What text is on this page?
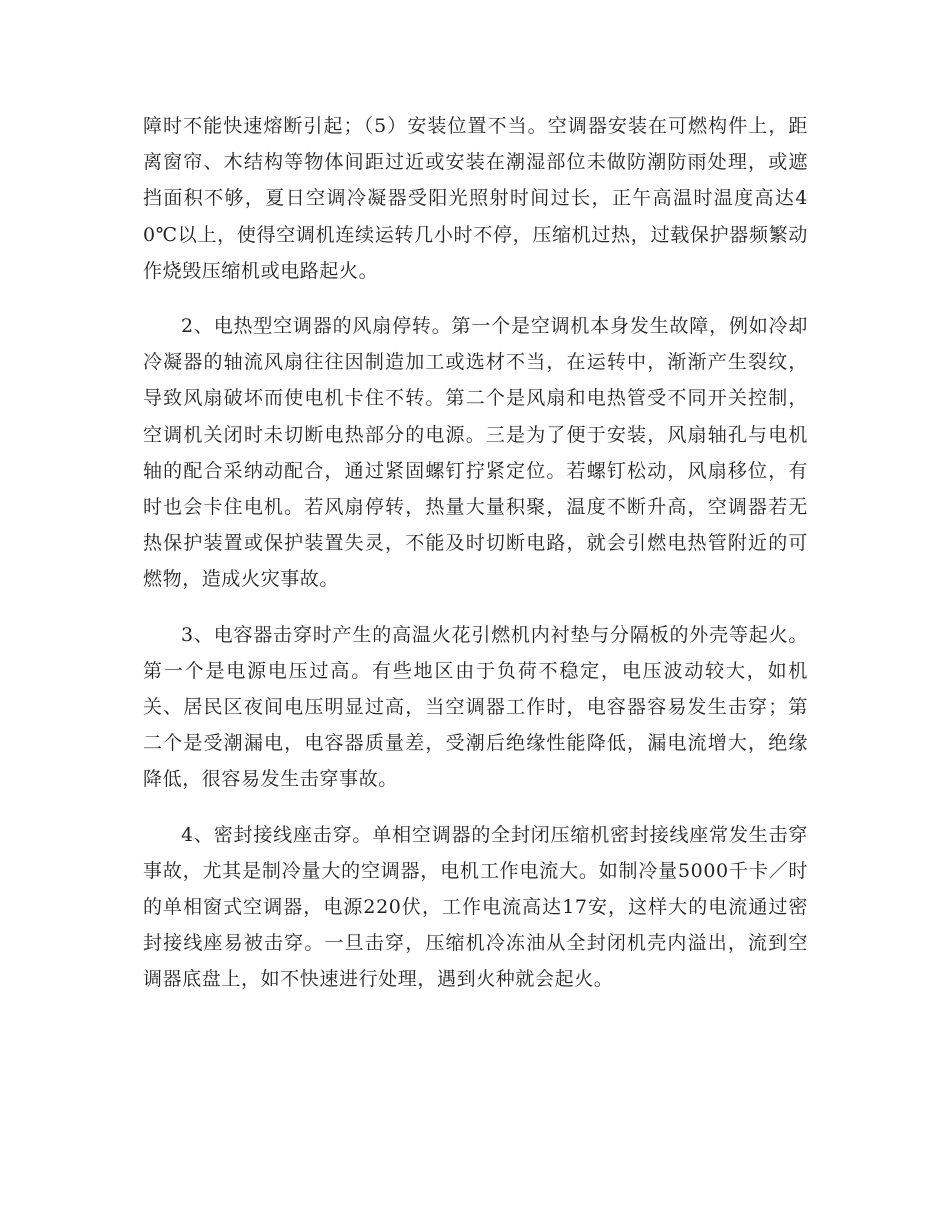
障时不能快速熔断引起；（5）安装位置不当。空调器安装在可燃构件上，距离窗帘、木结构等物体间距过近或安装在潮湿部位未做防潮防雨处理，或遮挡面积不够，夏日空调冷凝器受阳光照射时间过长，正午高温时温度高达40℃以上，使得空调机连续运转几小时不停，压缩机过热，过载保护器频繁动作烧毁压缩机或电路起火。

2、电热型空调器的风扇停转。第一个是空调机本身发生故障，例如冷却冷凝器的轴流风扇往往因制造加工或选材不当，在运转中，渐渐产生裂纹，导致风扇破坏而使电机卡住不转。第二个是风扇和电热管受不同开关控制，空调机关闭时未切断电热部分的电源。三是为了便于安装，风扇轴孔与电机轴的配合采纳动配合，通过紧固螺钉拧紧定位。若螺钉松动，风扇移位，有时也会卡住电机。若风扇停转，热量大量积聚，温度不断升高，空调器若无热保护装置或保护装置失灵，不能及时切断电路，就会引燃电热管附近的可燃物，造成火灾事故。

3、电容器击穿时产生的高温火花引燃机内衬垫与分隔板的外壳等起火。第一个是电源电压过高。有些地区由于负荷不稳定，电压波动较大，如机关、居民区夜间电压明显过高，当空调器工作时，电容器容易发生击穿；第二个是受潮漏电，电容器质量差，受潮后绝缘性能降低，漏电流增大，绝缘降低，很容易发生击穿事故。

4、密封接线座击穿。单相空调器的全封闭压缩机密封接线座常发生击穿事故，尤其是制冷量大的空调器，电机工作电流大。如制冷量5000千卡／时的单相窗式空调器，电源220伏，工作电流高达17安，这样大的电流通过密封接线座易被击穿。一旦击穿，压缩机冷冻油从全封闭机壳内溢出，流到空调器底盘上，如不快速进行处理，遇到火种就会起火。
